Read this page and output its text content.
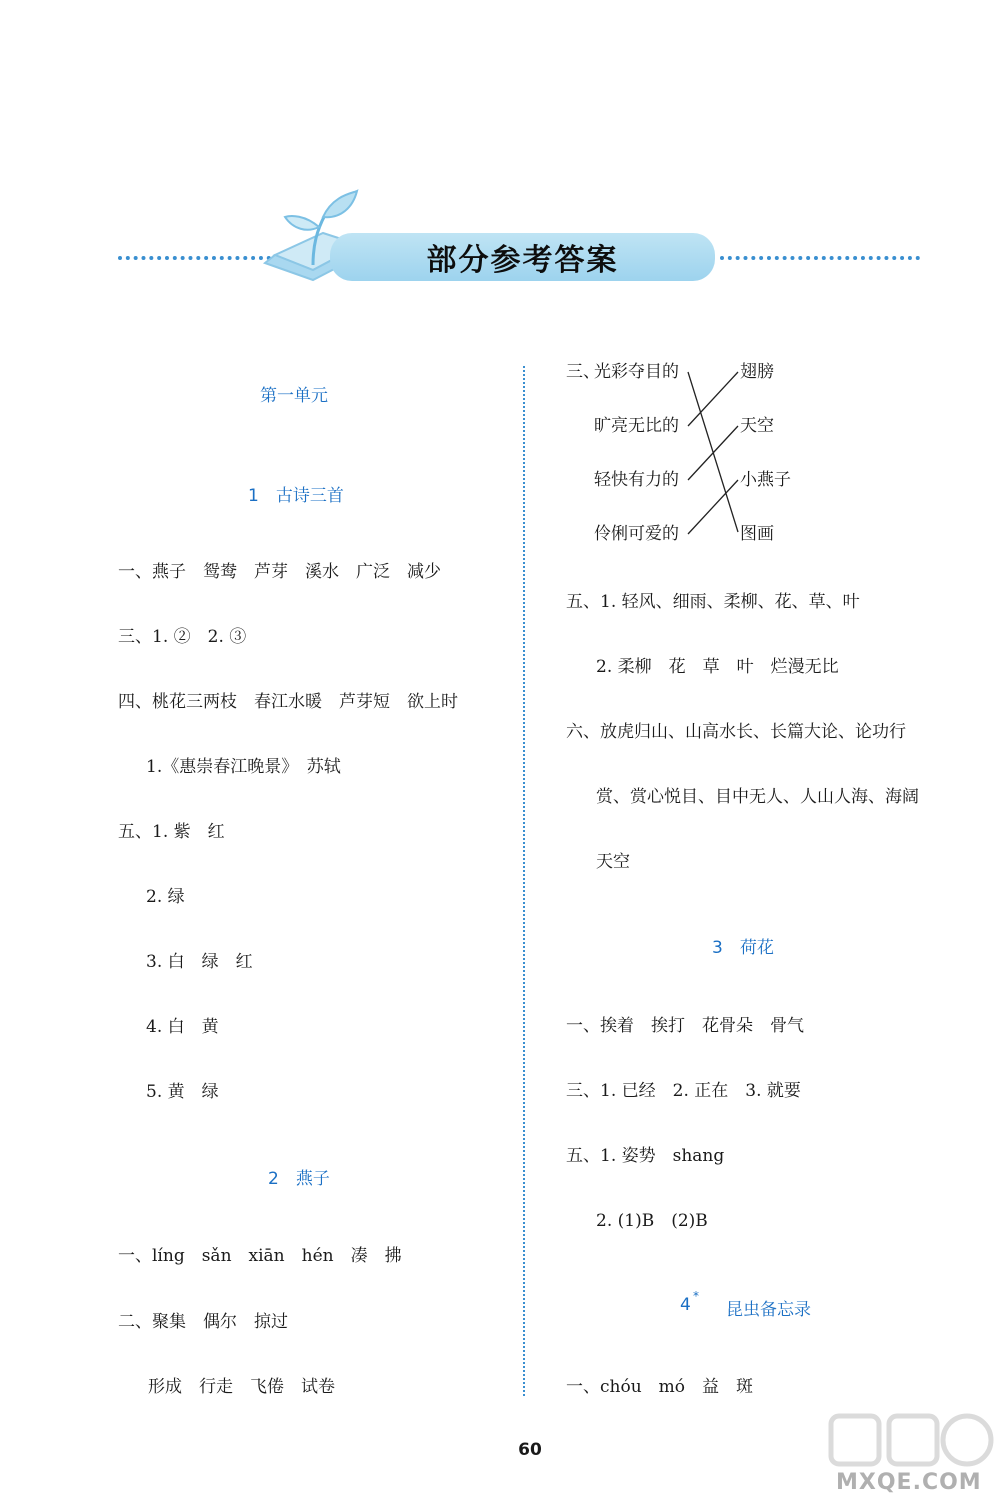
部分参考答案
第一单元
1　古诗三首
一、燕子　鸳鸯　芦芽　溪水　广泛　减少
三、1. ②　2. ③
四、桃花三两枝　春江水暖　芦芽短　欲上时
1.《惠崇春江晚景》　苏轼
五、1. 紫　红
2. 绿
3. 白　绿　红
4. 白　黄
5. 黄　绿
2　燕子
一、líng　sǎn　xiān　hén　凑　拂
二、聚集　偶尔　掠过
形成　行走　飞倦　试卷
三、
光彩夺目的
旷亮无比的
轻快有力的
伶俐可爱的
翅膀
天空
小燕子
图画
五、1. 轻风、细雨、柔柳、花、草、叶
2. 柔柳　花　草　叶　烂漫无比
六、放虎归山、山高水长、长篇大论、论功行
赏、赏心悦目、目中无人、人山人海、海阔
天空
3　荷花
一、挨着　挨打　花骨朵　骨气
三、1. 已经　2. 正在　3. 就要
五、1. 姿势　shang
2. (1)B　(2)B
4 *
昆虫备忘录
一、chóu　mó　益　斑
60
MXQE.COM
